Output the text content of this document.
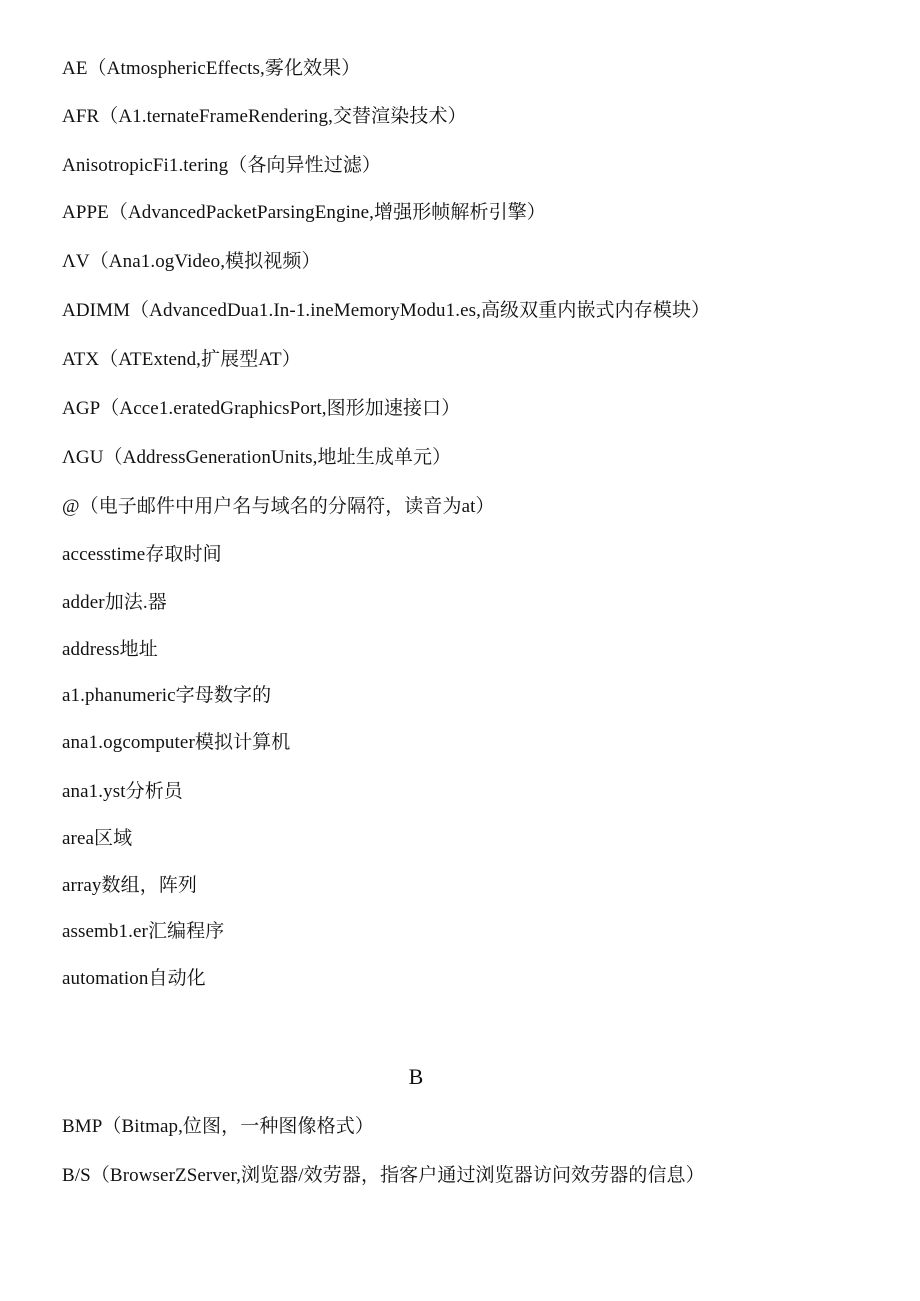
AE（AtmosphericEffects,雾化效果）
AFR（A1.ternateFrameRendering,交替渲染技术）
AnisotropicFi1.tering（各向异性过滤）
APPE（AdvancedPacketParsingEngine,增强形帧解析引擎）
ΛV（Ana1.ogVideo,模拟视频）
ADIMM（AdvancedDua1.In-1.ineMemoryModu1.es,高级双重内嵌式内存模块）
ATX（ATExtend,扩展型AT）
AGP（Acce1.eratedGraphicsPort,图形加速接口）
ΛGU（AddressGenerationUnits,地址生成单元）
@（电子邮件中用户名与域名的分隔符，读音为at）
accesstime存取时间
adder加法.器
address地址
a1.phanumeric字母数字的
ana1.ogcomputer模拟计算机
ana1.yst分析员
area区域
array数组，阵列
assemb1.er汇编程序
automation自动化
B
BMP（Bitmap,位图，一种图像格式）
B/S（BrowserZServer,浏览器/效劳器，指客户通过浏览器访问效劳器的信息）
